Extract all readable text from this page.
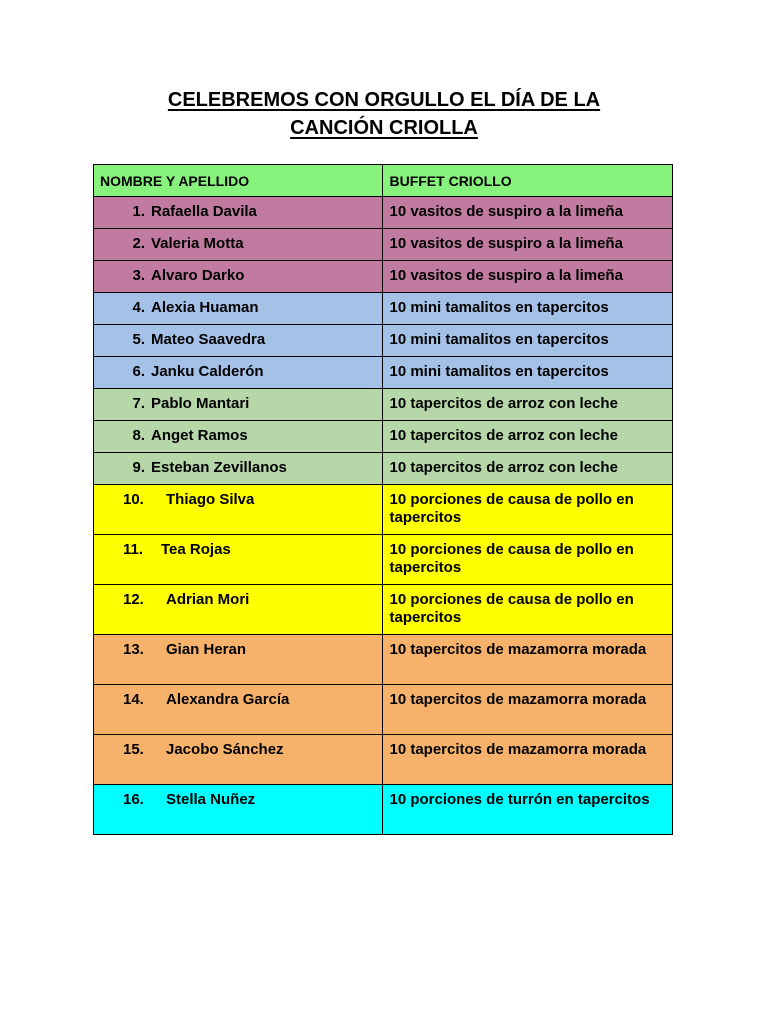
CELEBREMOS CON ORGULLO EL DÍA DE LA
CANCIÓN CRIOLLA
NOMBRE Y APELLIDO	BUFFET CRIOLLO
1. Rafaella Davila	10 vasitos de suspiro a la limeña
2. Valeria Motta	10 vasitos de suspiro a la limeña
3. Alvaro Darko	10 vasitos de suspiro a la limeña
4. Alexia Huaman	10 mini tamalitos en tapercitos
5. Mateo Saavedra	10 mini tamalitos en tapercitos
6. Janku Calderón	10 mini tamalitos en tapercitos
7. Pablo Mantari	10 tapercitos de arroz con leche
8. Anget Ramos	10 tapercitos de arroz con leche
9. Esteban Zevillanos	10 tapercitos de arroz con leche
10. Thiago Silva	10 porciones de causa de pollo en tapercitos
11. Tea Rojas	10 porciones de causa de pollo en tapercitos
12. Adrian Mori	10 porciones de causa de pollo en tapercitos
13. Gian Heran	10 tapercitos de mazamorra morada
14. Alexandra García	10 tapercitos de mazamorra morada
15. Jacobo Sánchez	10 tapercitos de mazamorra morada
16. Stella Nuñez	10 porciones de turrón en tapercitos
